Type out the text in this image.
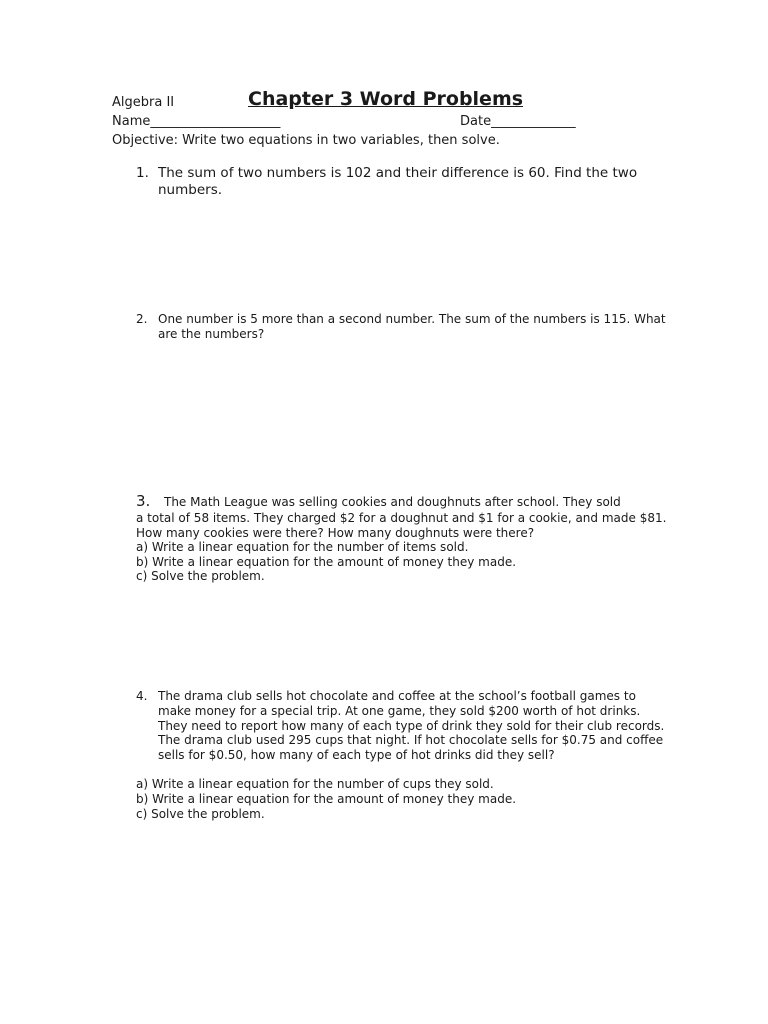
Algebra II	Chapter 3 Word Problems
Name____________________	Date_____________
Objective: Write two equations in two variables, then solve.
1. The sum of two numbers is 102 and their difference is 60. Find the two numbers.
2. One number is 5 more than a second number. The sum of the numbers is 115. What are the numbers?
3. The Math League was selling cookies and doughnuts after school. They sold
a total of 58 items. They charged $2 for a doughnut and $1 for a cookie, and made $81. How many cookies were there? How many doughnuts were there?
a) Write a linear equation for the number of items sold.
b) Write a linear equation for the amount of money they made.
c) Solve the problem.
4. The drama club sells hot chocolate and coffee at the school’s football games to make money for a special trip. At one game, they sold $200 worth of hot drinks. They need to report how many of each type of drink they sold for their club records. The drama club used 295 cups that night. If hot chocolate sells for $0.75 and coffee sells for $0.50, how many of each type of hot drinks did they sell?
a) Write a linear equation for the number of cups they sold.
b) Write a linear equation for the amount of money they made.
c) Solve the problem.
